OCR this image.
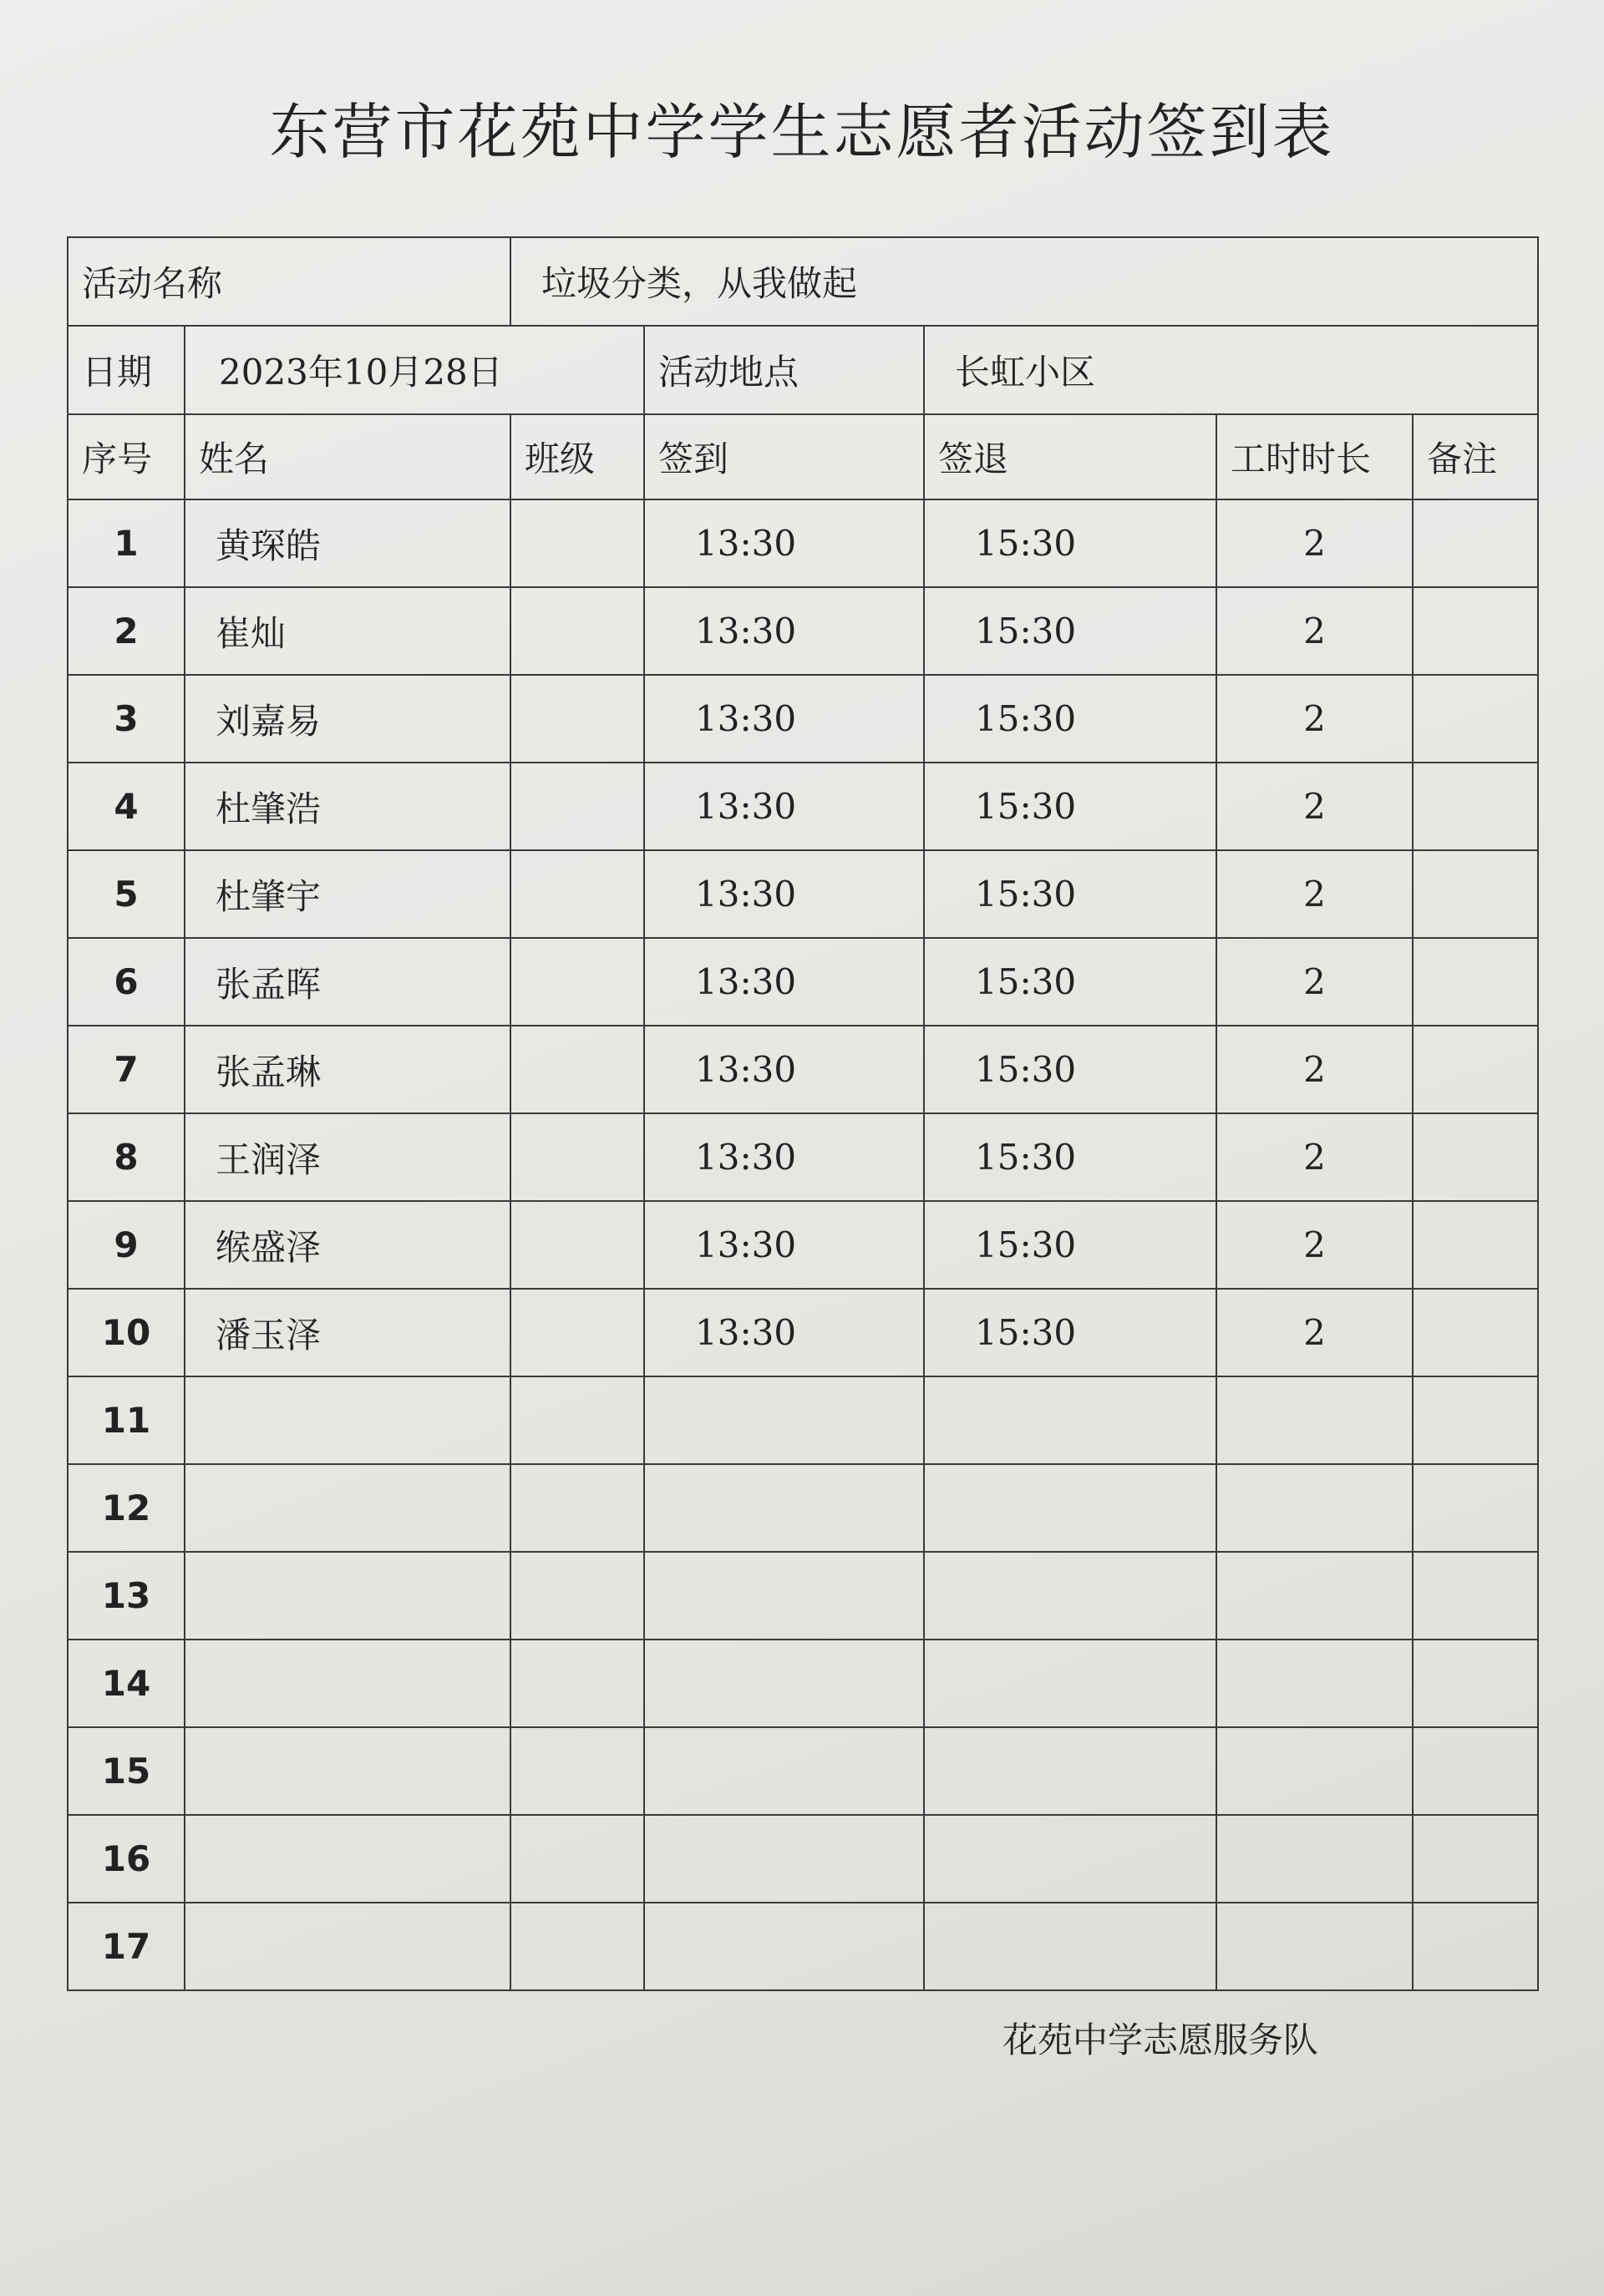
东营市花苑中学学生志愿者活动签到表
活动名称		垃圾分类，从我做起				
日期	2023年10月28日		活动地点	长虹小区		
序号	姓名	班级	签到	签退	工时时长	备注
1	黄琛皓		13:30	15:30	2	
2	崔灿		13:30	15:30	2	
3	刘嘉易		13:30	15:30	2	
4	杜肇浩		13:30	15:30	2	
5	杜肇宇		13:30	15:30	2	
6	张孟晖		13:30	15:30	2	
7	张孟琳		13:30	15:30	2	
8	王润泽		13:30	15:30	2	
9	缑盛泽		13:30	15:30	2	
10	潘玉泽		13:30	15:30	2	
11						
12						
13						
14						
15						
16						
17						
花苑中学志愿服务队
